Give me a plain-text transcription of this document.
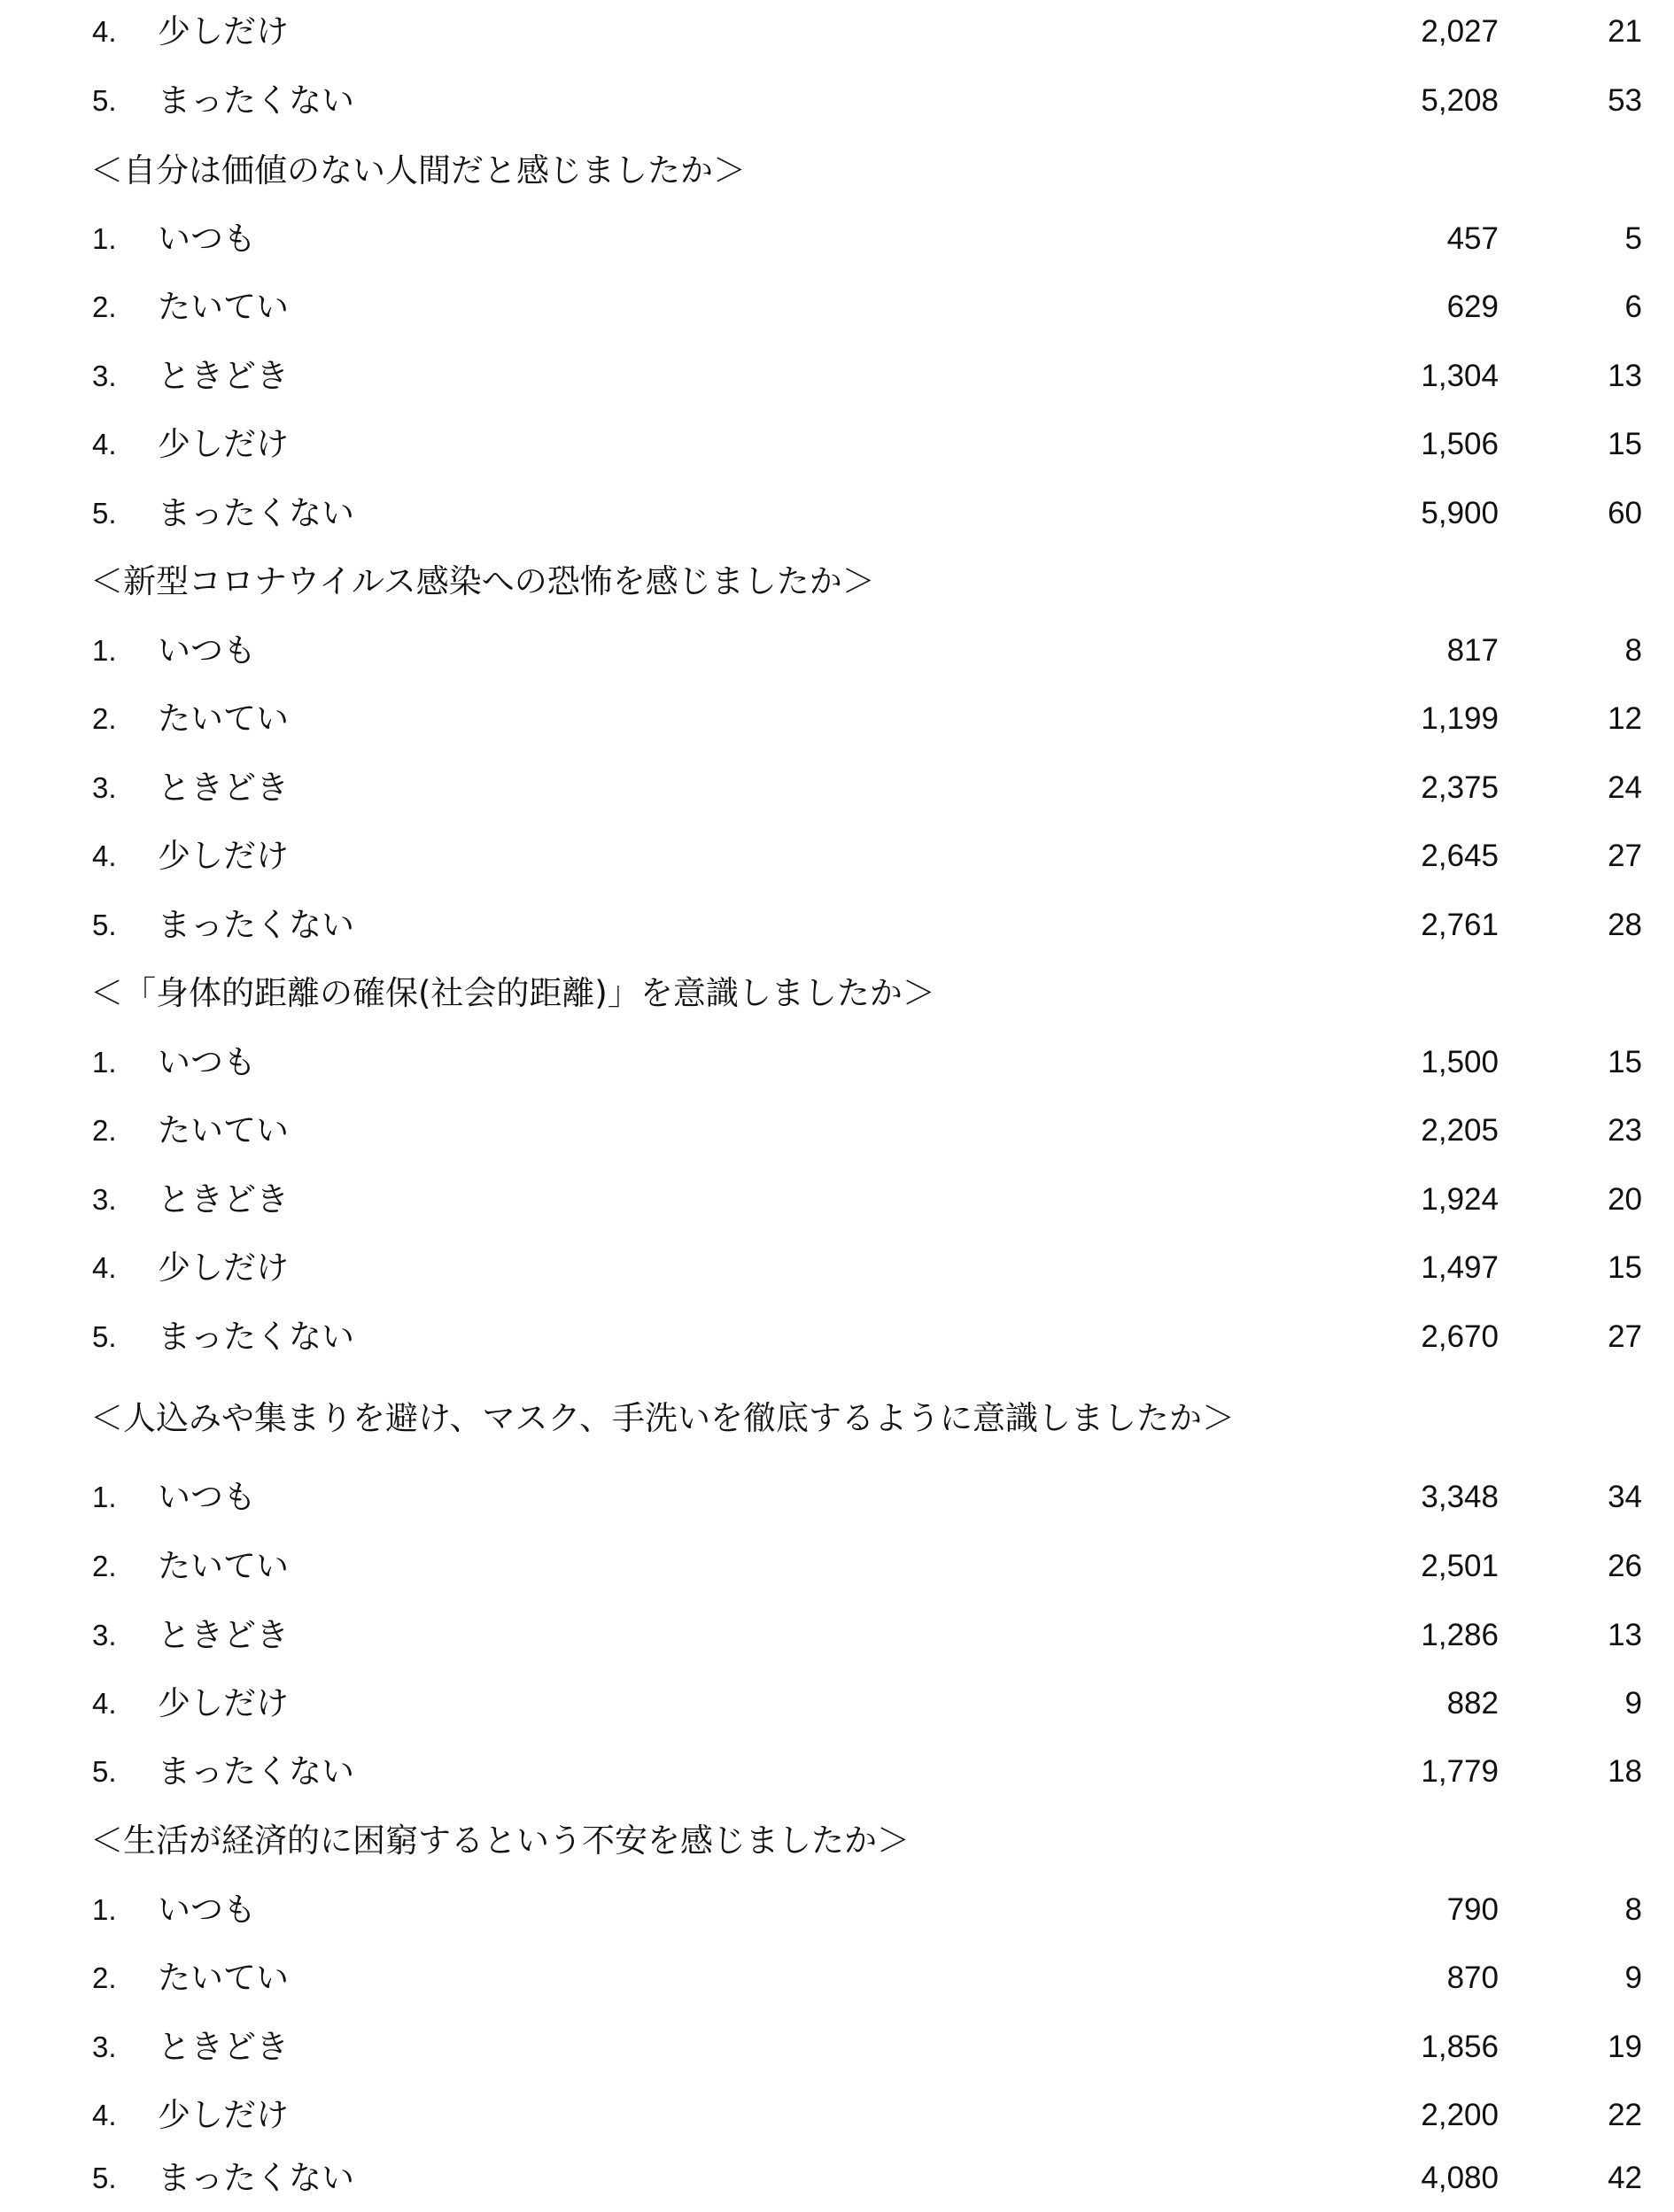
4. 少しだけ	2,027	21
5. まったくない	5,208	53
＜自分は価値のない人間だと感じましたか＞
1. いつも	457	5
2. たいてい	629	6
3. ときどき	1,304	13
4. 少しだけ	1,506	15
5. まったくない	5,900	60
＜新型コロナウイルス感染への恐怖を感じましたか＞
1. いつも	817	8
2. たいてい	1,199	12
3. ときどき	2,375	24
4. 少しだけ	2,645	27
5. まったくない	2,761	28
＜「身体的距離の確保(社会的距離)」を意識しましたか＞
1. いつも	1,500	15
2. たいてい	2,205	23
3. ときどき	1,924	20
4. 少しだけ	1,497	15
5. まったくない	2,670	27
＜人込みや集まりを避け、マスク、手洗いを徹底するように意識しましたか＞
1. いつも	3,348	34
2. たいてい	2,501	26
3. ときどき	1,286	13
4. 少しだけ	882	9
5. まったくない	1,779	18
＜生活が経済的に困窮するという不安を感じましたか＞
1. いつも	790	8
2. たいてい	870	9
3. ときどき	1,856	19
4. 少しだけ	2,200	22
5. まったくない	4,080	42
